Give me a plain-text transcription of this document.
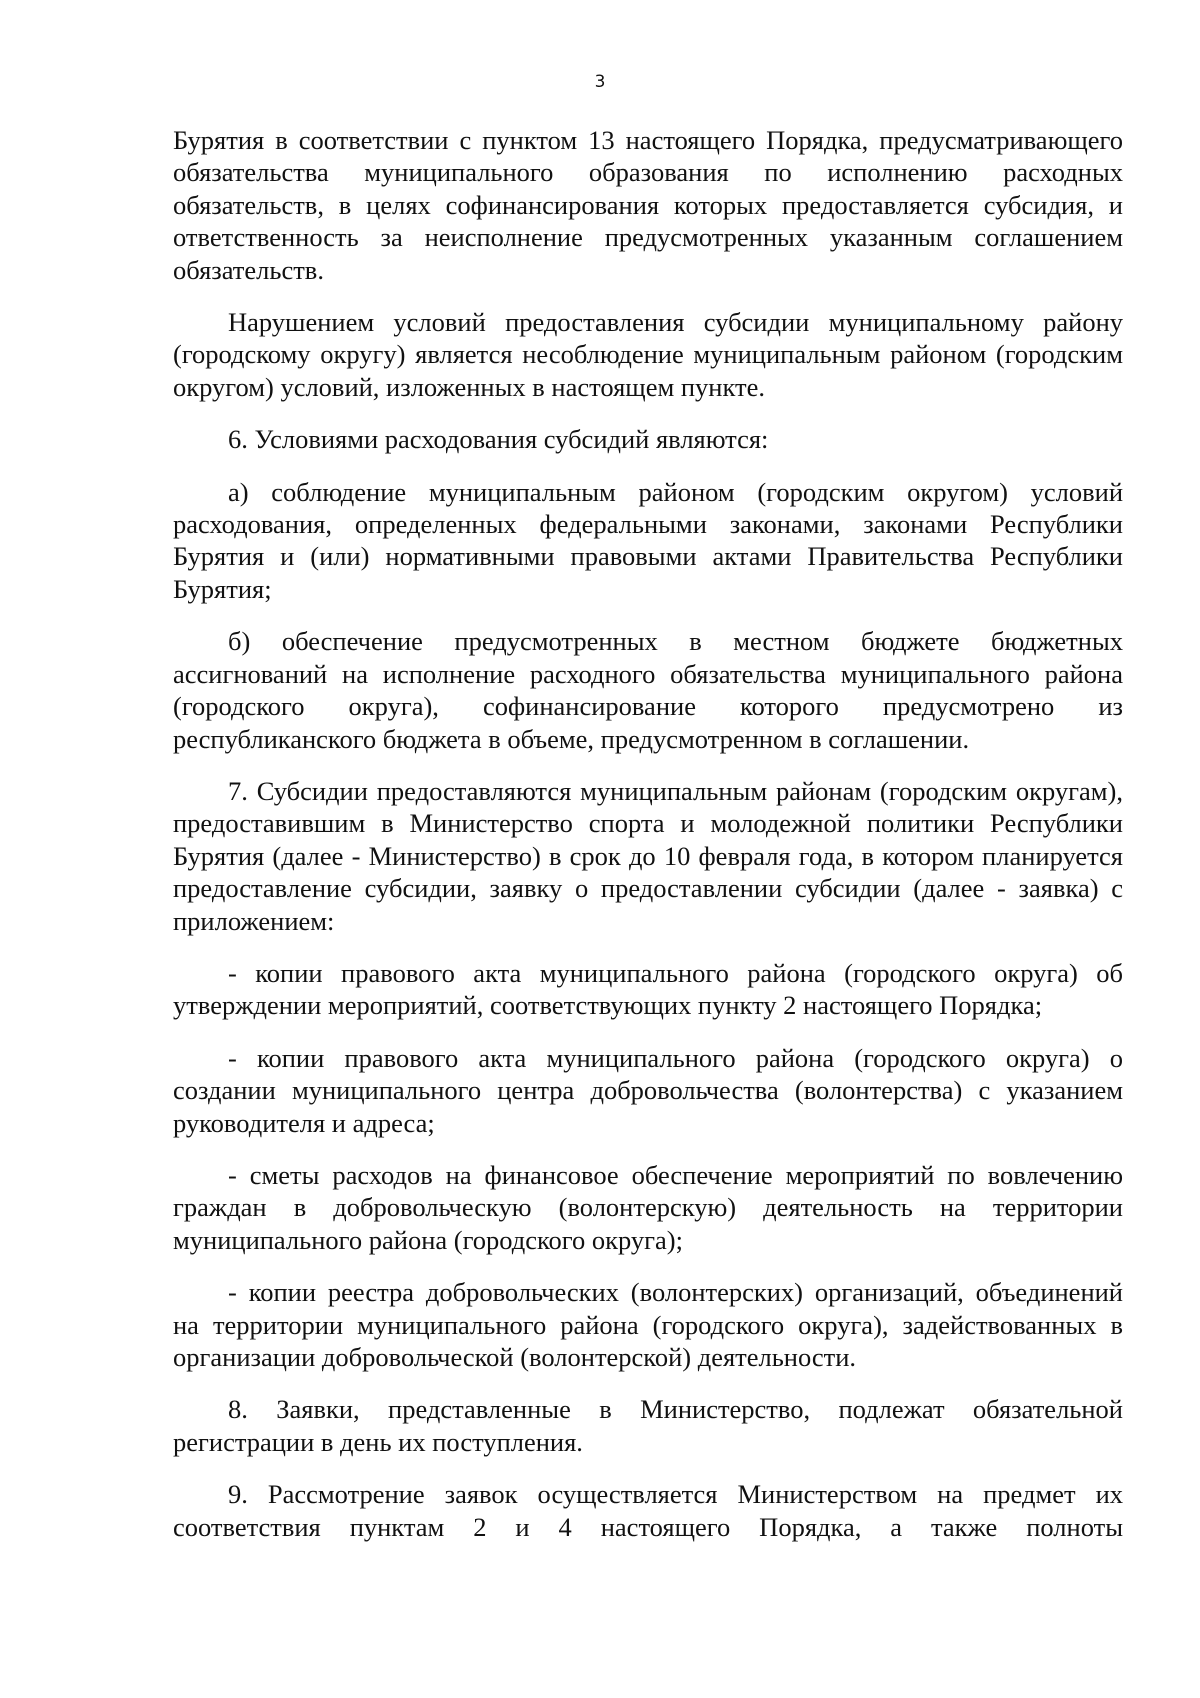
3

Бурятия в соответствии с пунктом 13 настоящего Порядка, предусматривающего обязательства муниципального образования по исполнению расходных обязательств, в целях софинансирования которых предоставляется субсидия, и ответственность за неисполнение предусмотренных указанным соглашением обязательств.

Нарушением условий предоставления субсидии муниципальному району (городскому округу) является несоблюдение муниципальным районом (городским округом) условий, изложенных в настоящем пункте.

6. Условиями расходования субсидий являются:

а) соблюдение муниципальным районом (городским округом) условий расходования, определенных федеральными законами, законами Республики Бурятия и (или) нормативными правовыми актами Правительства Республики Бурятия;

б) обеспечение предусмотренных в местном бюджете бюджетных ассигнований на исполнение расходного обязательства муниципального района (городского округа), софинансирование которого предусмотрено из республиканского бюджета в объеме, предусмотренном в соглашении.

7. Субсидии предоставляются муниципальным районам (городским округам), предоставившим в Министерство спорта и молодежной политики Республики Бурятия (далее - Министерство) в срок до 10 февраля года, в котором планируется предоставление субсидии, заявку о предоставлении субсидии (далее - заявка) с приложением:

- копии правового акта муниципального района (городского округа) об утверждении мероприятий, соответствующих пункту 2 настоящего Порядка;

- копии правового акта муниципального района (городского округа) о создании муниципального центра добровольчества (волонтерства) с указанием руководителя и адреса;

- сметы расходов на финансовое обеспечение мероприятий по вовлечению граждан в добровольческую (волонтерскую) деятельность на территории муниципального района (городского округа);

- копии реестра добровольческих (волонтерских) организаций, объединений на территории муниципального района (городского округа), задействованных в организации добровольческой (волонтерской) деятельности.

8. Заявки, представленные в Министерство, подлежат обязательной регистрации в день их поступления.

9. Рассмотрение заявок осуществляется Министерством на предмет их соответствия пунктам 2 и 4 настоящего Порядка, а также полноты
